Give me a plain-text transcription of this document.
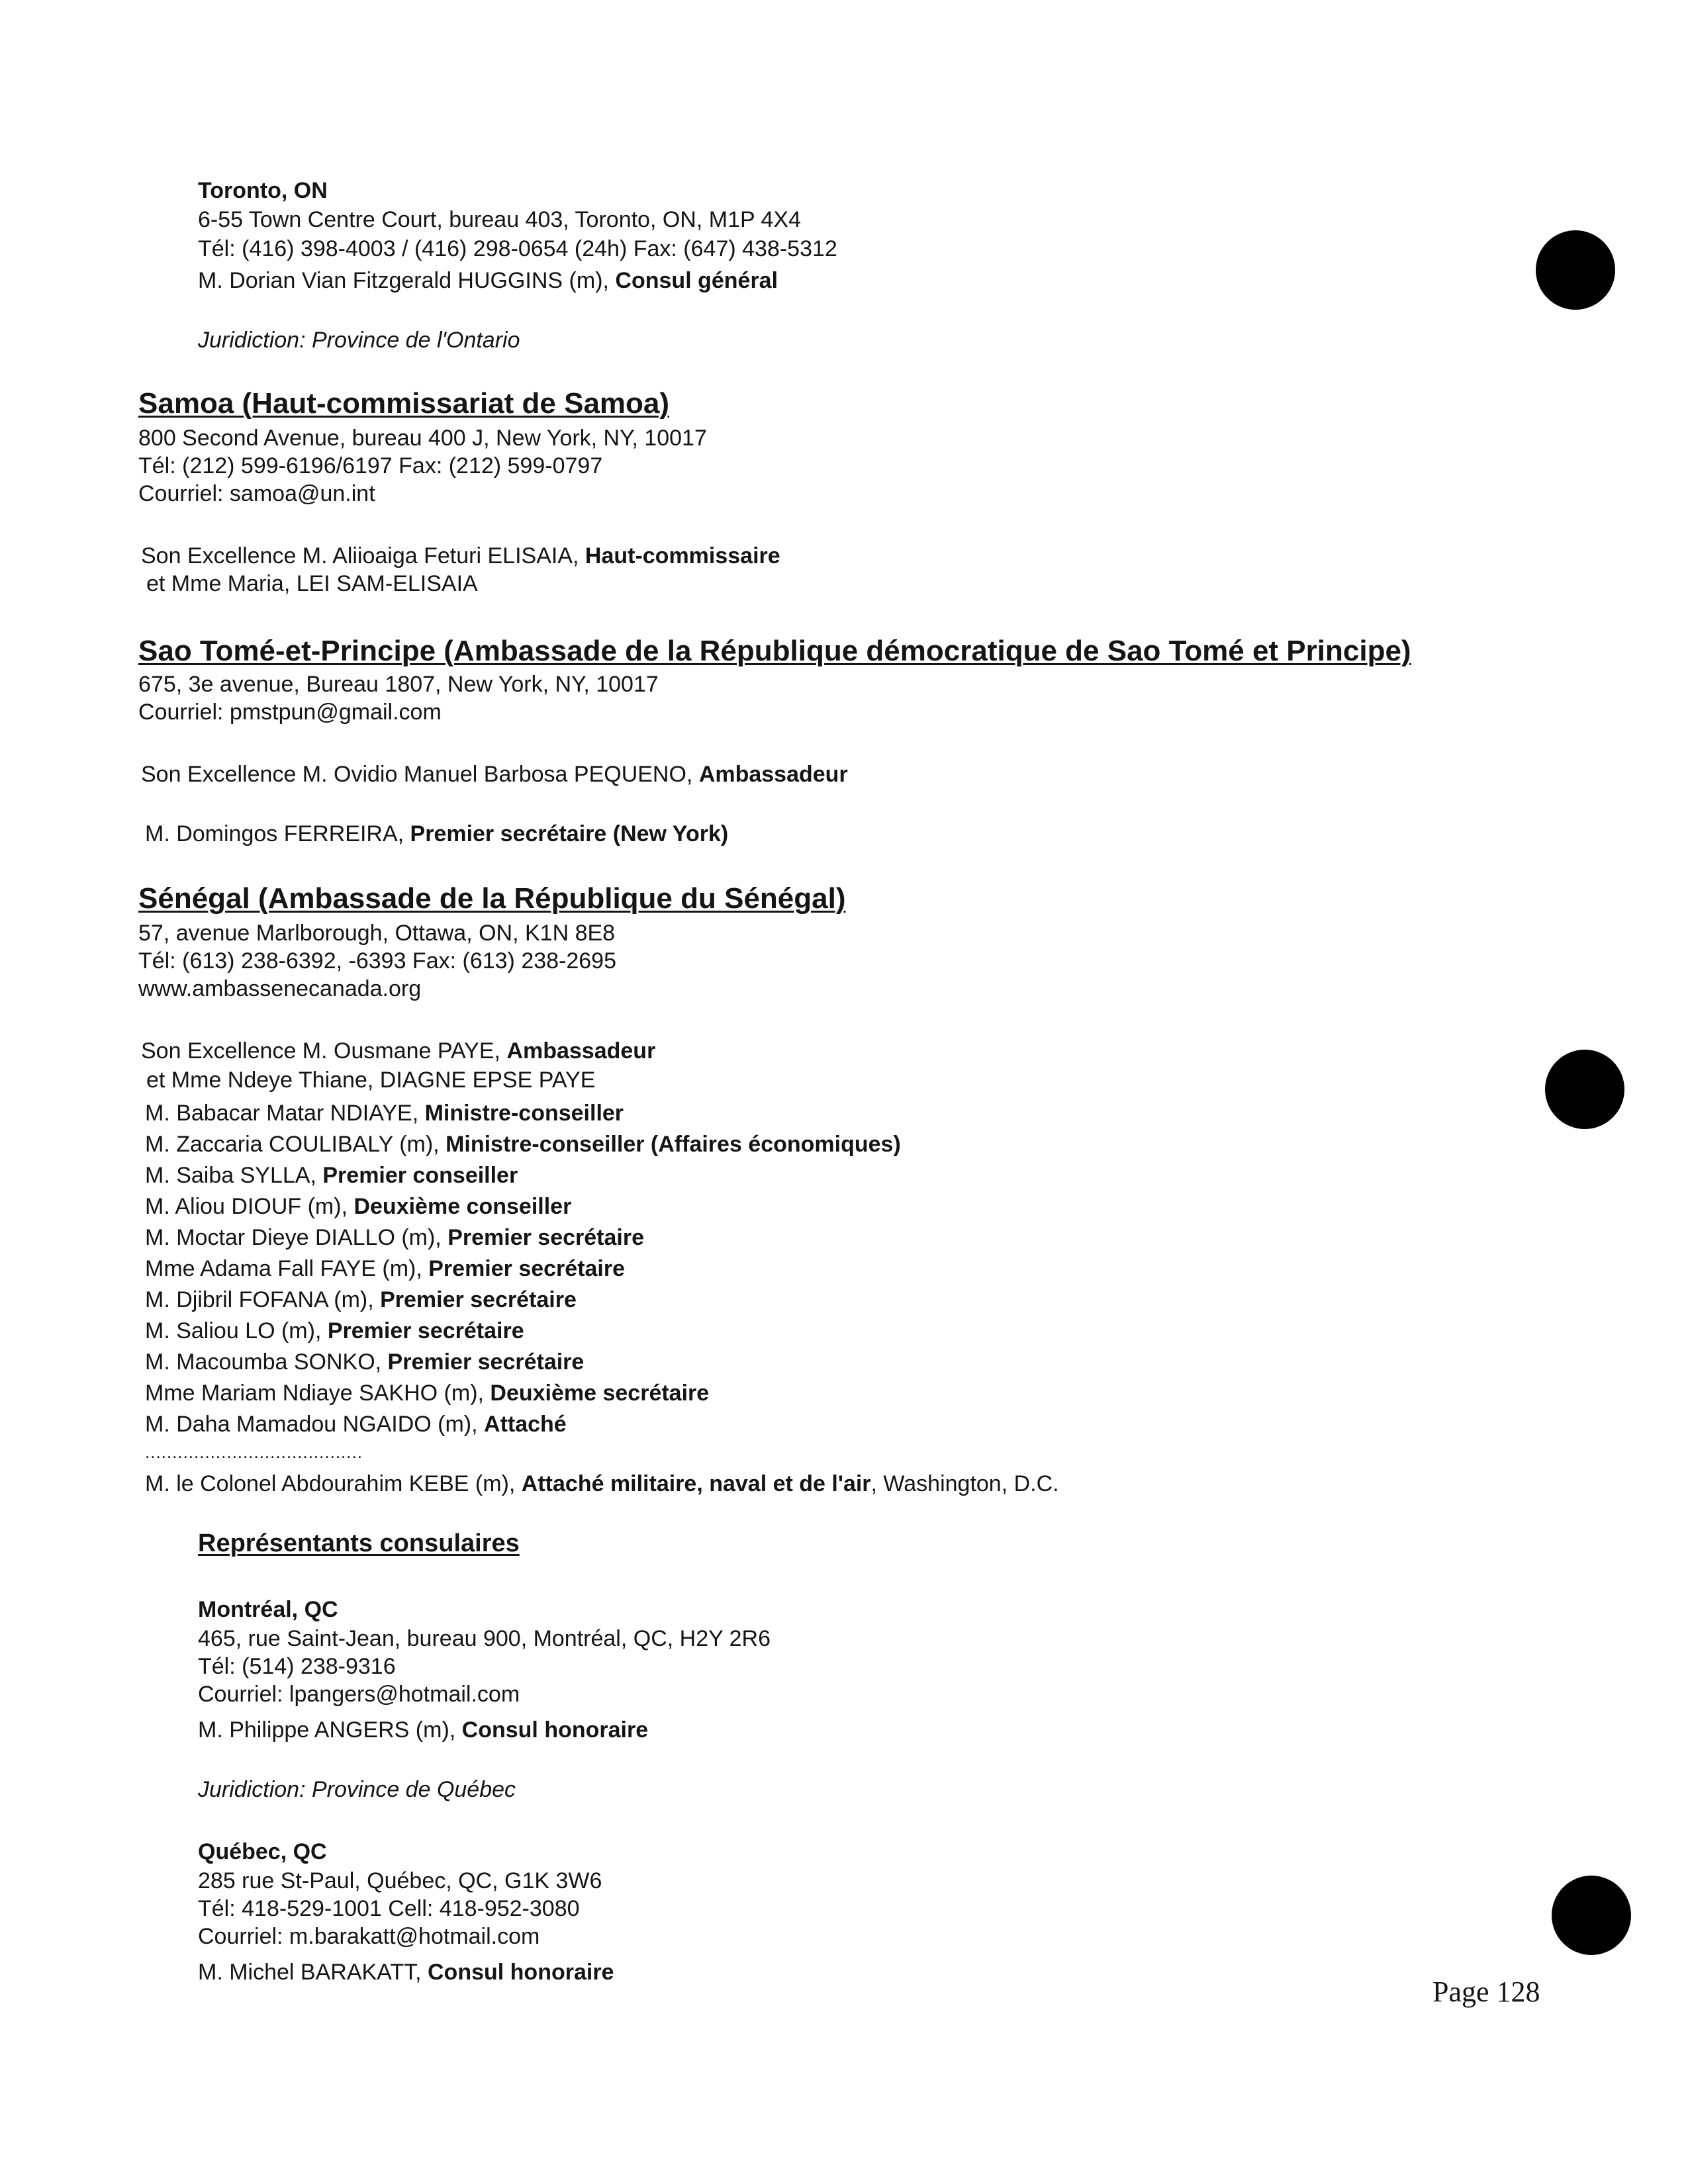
Toronto, ON
6-55 Town Centre Court, bureau 403, Toronto, ON, M1P 4X4
Tél: (416) 398-4003 / (416) 298-0654 (24h) Fax: (647) 438-5312
M. Dorian Vian Fitzgerald HUGGINS (m), Consul général
Juridiction: Province de l'Ontario
Samoa (Haut-commissariat de Samoa)
800 Second Avenue, bureau 400 J, New York, NY, 10017
Tél: (212) 599-6196/6197 Fax: (212) 599-0797
Courriel: samoa@un.int
Son Excellence M. Aliioaiga Feturi ELISAIA, Haut-commissaire
et Mme Maria, LEI SAM-ELISAIA
Sao Tomé-et-Principe (Ambassade de la République démocratique de Sao Tomé et Principe)
675, 3e avenue, Bureau 1807, New York, NY, 10017
Courriel: pmstpun@gmail.com
Son Excellence M. Ovidio Manuel Barbosa PEQUENO, Ambassadeur
M. Domingos FERREIRA, Premier secrétaire (New York)
Sénégal (Ambassade de la République du Sénégal)
57, avenue Marlborough, Ottawa, ON, K1N 8E8
Tél: (613) 238-6392, -6393 Fax: (613) 238-2695
www.ambassenecanada.org
Son Excellence M. Ousmane PAYE, Ambassadeur
et Mme Ndeye Thiane, DIAGNE EPSE PAYE
M. Babacar Matar NDIAYE, Ministre-conseiller
M. Zaccaria COULIBALY (m), Ministre-conseiller (Affaires économiques)
M. Saiba SYLLA, Premier conseiller
M. Aliou DIOUF (m), Deuxième conseiller
M. Moctar Dieye DIALLO (m), Premier secrétaire
Mme Adama Fall FAYE (m), Premier secrétaire
M. Djibril FOFANA (m), Premier secrétaire
M. Saliou LO (m), Premier secrétaire
M. Macoumba SONKO, Premier secrétaire
Mme Mariam Ndiaye SAKHO (m), Deuxième secrétaire
M. Daha Mamadou NGAIDO (m), Attaché
........................................
M. le Colonel Abdourahim KEBE (m), Attaché militaire, naval et de l'air, Washington, D.C.
Représentants consulaires
Montréal, QC
465, rue Saint-Jean, bureau 900, Montréal, QC, H2Y 2R6
Tél: (514) 238-9316
Courriel: lpangers@hotmail.com
M. Philippe ANGERS (m), Consul honoraire
Juridiction: Province de Québec
Québec, QC
285 rue St-Paul, Québec, QC, G1K 3W6
Tél: 418-529-1001 Cell: 418-952-3080
Courriel: m.barakatt@hotmail.com
M. Michel BARAKATT, Consul honoraire
Page 128
